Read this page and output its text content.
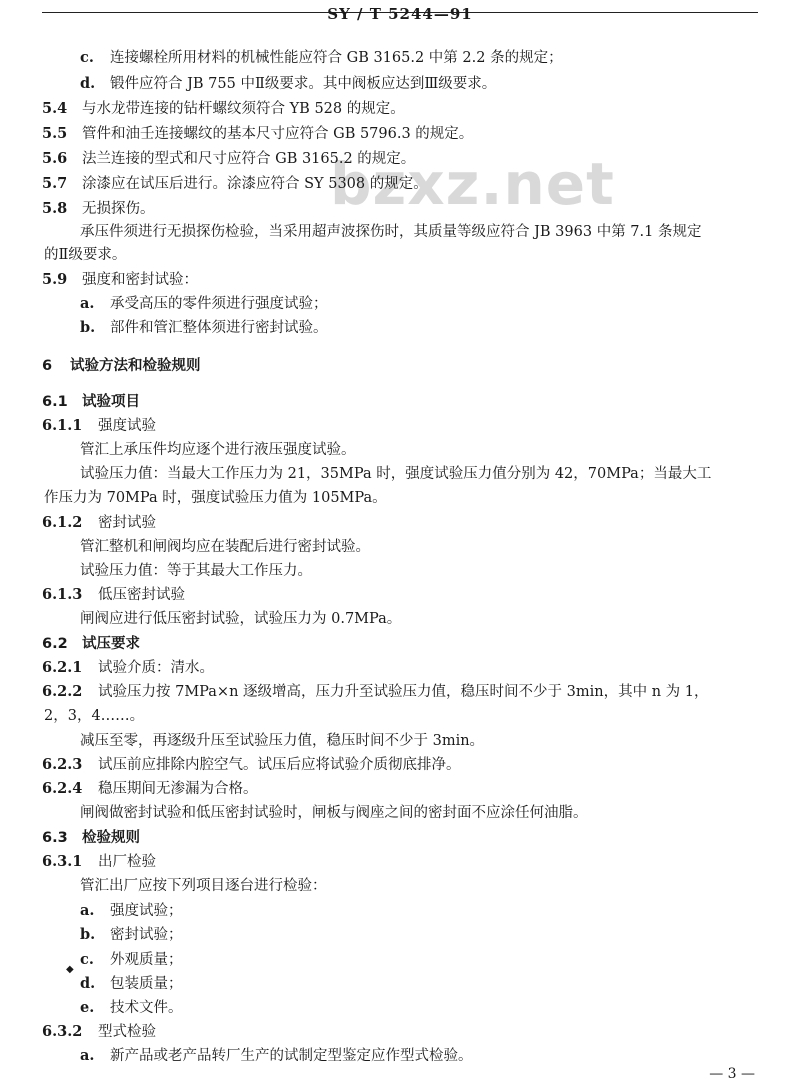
SY / T 5244—91
bzxz.net
c. 连接螺栓所用材料的机械性能应符合 GB 3165.2 中第 2.2 条的规定；
d. 锻件应符合 JB 755 中Ⅱ级要求。其中阀板应达到Ⅲ级要求。
5.4 与水龙带连接的钻杆螺纹须符合 YB 528 的规定。
5.5 管件和油壬连接螺纹的基本尺寸应符合 GB 5796.3 的规定。
5.6 法兰连接的型式和尺寸应符合 GB 3165.2 的规定。
5.7 涂漆应在试压后进行。涂漆应符合 SY 5308 的规定。
5.8 无损探伤。
承压件须进行无损探伤检验，当采用超声波探伤时，其质量等级应符合 JB 3963 中第 7.1 条规定
的Ⅱ级要求。
5.9 强度和密封试验：
a. 承受高压的零件须进行强度试验；
b. 部件和管汇整体须进行密封试验。
6 试验方法和检验规则
6.1 试验项目
6.1.1 强度试验
管汇上承压件均应逐个进行液压强度试验。
试验压力值：当最大工作压力为 21，35MPa 时，强度试验压力值分别为 42，70MPa；当最大工
作压力为 70MPa 时，强度试验压力值为 105MPa。
6.1.2 密封试验
管汇整机和闸阀均应在装配后进行密封试验。
试验压力值：等于其最大工作压力。
6.1.3 低压密封试验
闸阀应进行低压密封试验，试验压力为 0.7MPa。
6.2 试压要求
6.2.1 试验介质：清水。
6.2.2 试验压力按 7MPa×n 逐级增高，压力升至试验压力值，稳压时间不少于 3min，其中 n 为 1，
2，3，4……。
减压至零，再逐级升压至试验压力值，稳压时间不少于 3min。
6.2.3 试压前应排除内腔空气。试压后应将试验介质彻底排净。
6.2.4 稳压期间无渗漏为合格。
闸阀做密封试验和低压密封试验时，闸板与阀座之间的密封面不应涂任何油脂。
6.3 检验规则
6.3.1 出厂检验
管汇出厂应按下列项目逐台进行检验：
a. 强度试验；
b. 密封试验；
◆
c. 外观质量；
d. 包装质量；
e. 技术文件。
6.3.2 型式检验
a. 新产品或老产品转厂生产的试制定型鉴定应作型式检验。
— 3 —
